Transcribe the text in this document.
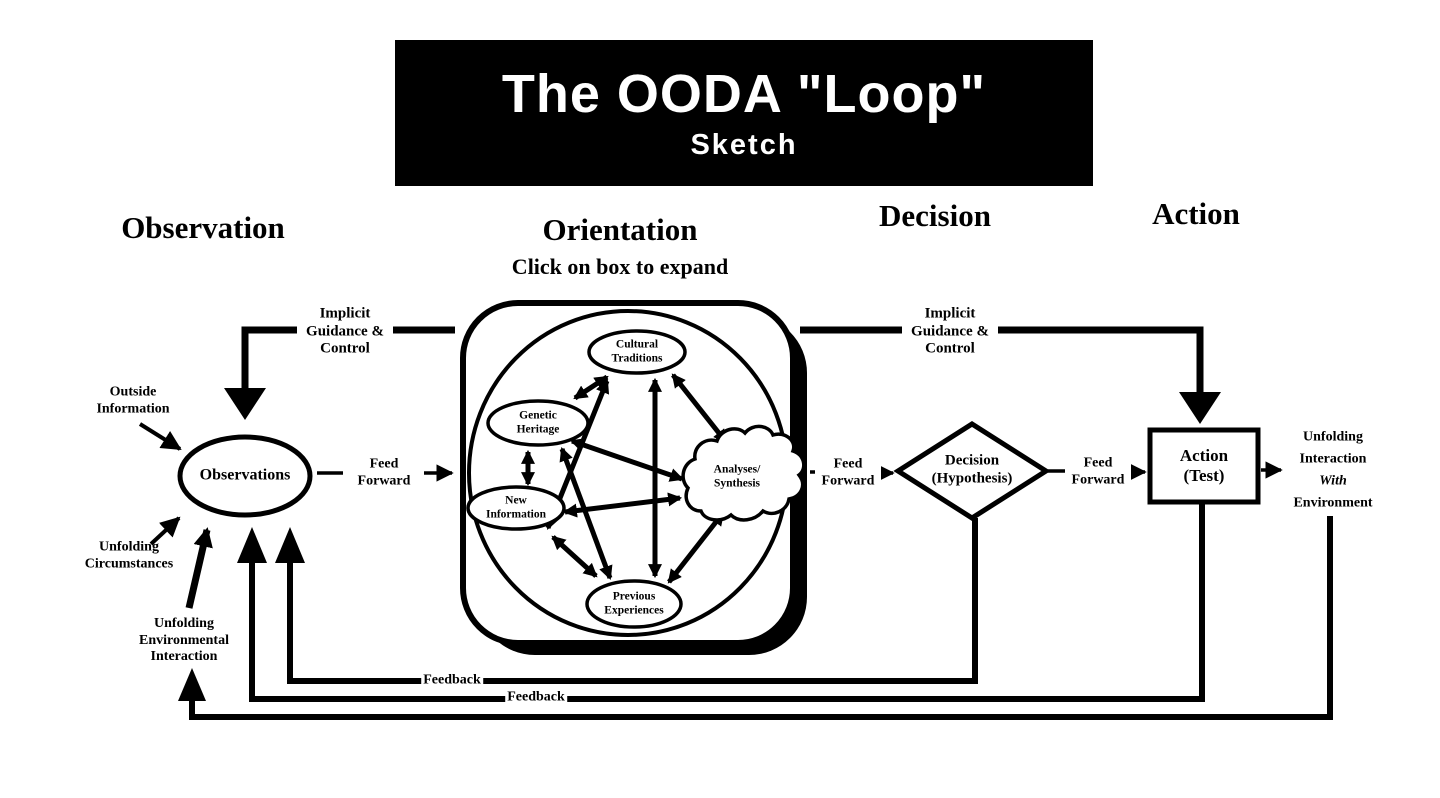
The OODA "Loop"
Sketch
Observation	Orientation	Decision	Action
Click on box to expand
Outside Information
Unfolding Circumstances
Unfolding Environmental Interaction
Implicit Guidance & Control
Implicit Guidance & Control
Observations
Feed Forward
Feed Forward
Feed Forward
Cultural Traditions
Genetic Heritage
New Information
Previous Experiences
Analyses/ Synthesis
Decision (Hypothesis)
Action (Test)
Unfolding
Interaction
With
Environment
Feedback
Feedback
